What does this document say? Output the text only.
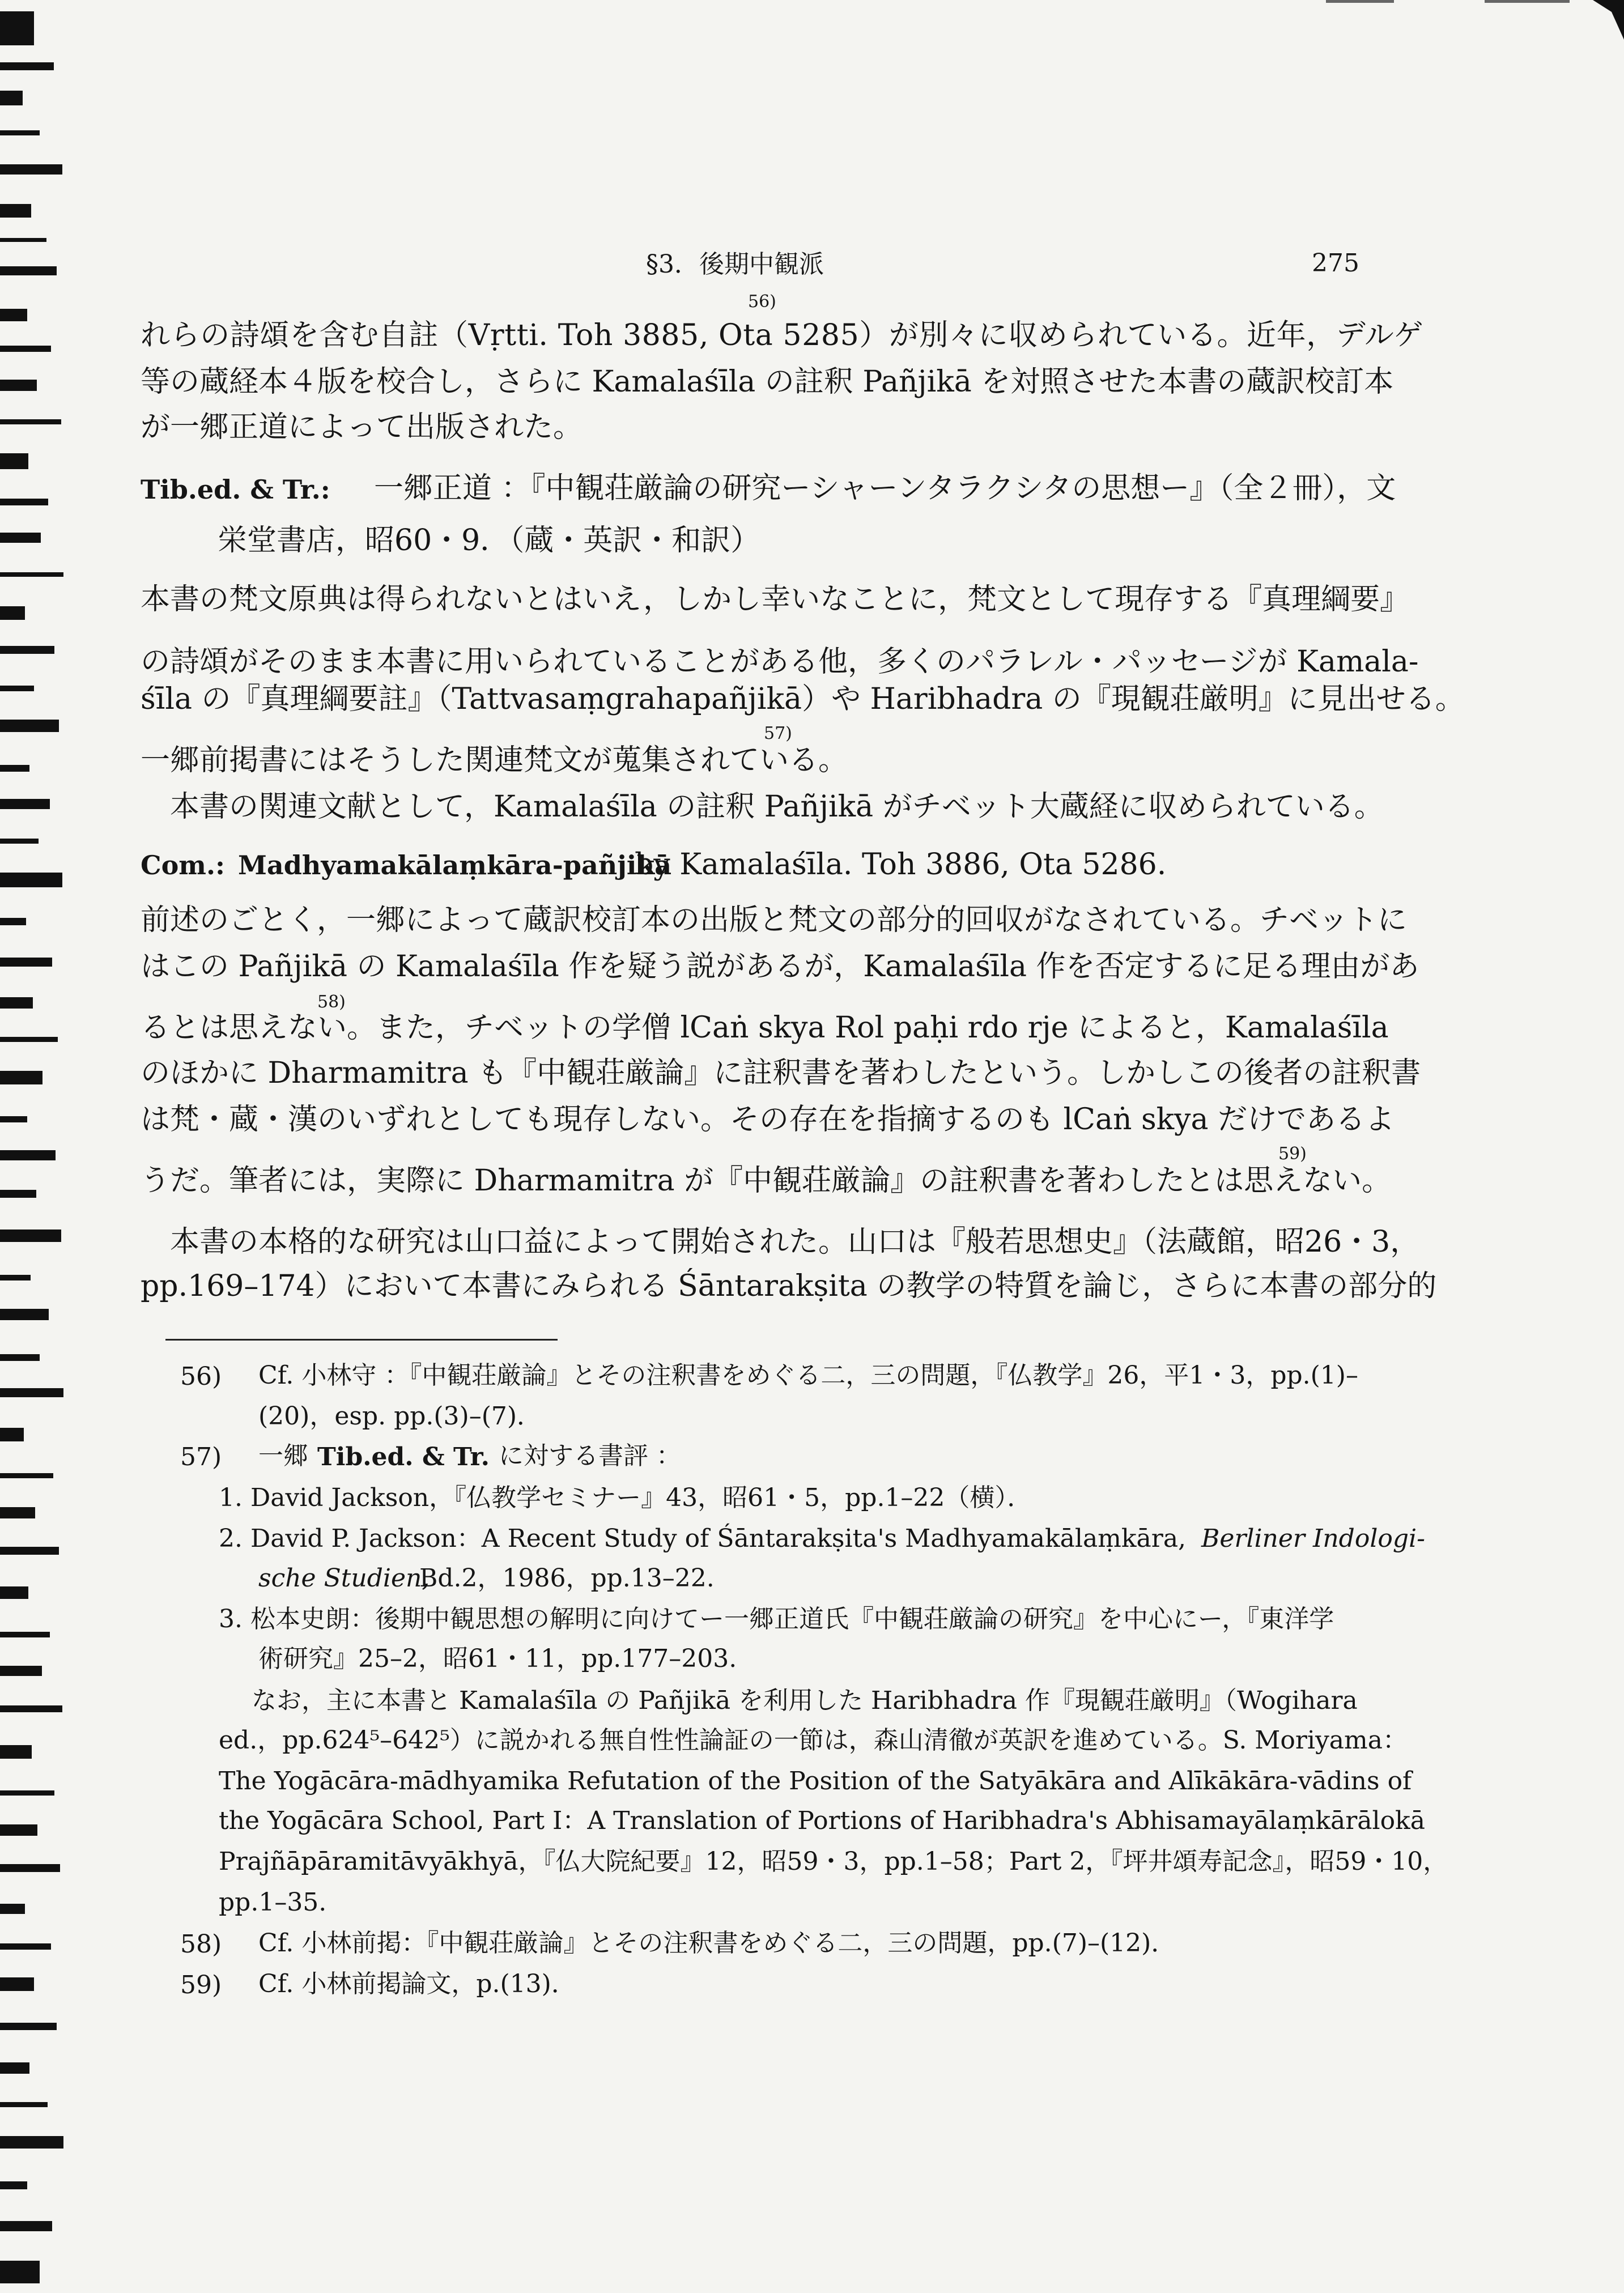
§3．後期中観派	275
56)
れらの詩頌を含む自註（Vṛtti. Toh 3885, Ota 5285）が別々に収められている。近年，デルゲ
等の蔵経本４版を校合し，さらに Kamalaśīla の註釈 Pañjikā を対照させた本書の蔵訳校訂本
が一郷正道によって出版された。
Tib.ed. & Tr.: 一郷正道 ：『中観荘厳論の研究ーシャーンタラクシタの思想ー』（全２冊），文
栄堂書店，昭60・9．（蔵・英訳・和訳）
本書の梵文原典は得られないとはいえ，しかし幸いなことに，梵文として現存する『真理綱要』
の詩頌がそのまま本書に用いられていることがある他，多くのパラレル・パッセージが Kamala-
śīla の『真理綱要註』（Tattvasaṃgrahapañjikā）や Haribhadra の『現観荘厳明』に見出せる。
57)
一郷前掲書にはそうした関連梵文が蒐集されている。
本書の関連文献として，Kamalaśīla の註釈 Pañjikā がチベット大蔵経に収められている。
Com.: Madhyamakālaṃkāra-pañjikā
by Kamalaśīla. Toh 3886, Ota 5286.
前述のごとく，一郷によって蔵訳校訂本の出版と梵文の部分的回収がなされている。チベットに
はこの Pañjikā の Kamalaśīla 作を疑う説があるが，Kamalaśīla 作を否定するに足る理由があ
58)
るとは思えない。また，チベットの学僧 lCaṅ skya Rol paḥi rdo rje によると，Kamalaśīla
のほかに Dharmamitra も『中観荘厳論』に註釈書を著わしたという。しかしこの後者の註釈書
は梵・蔵・漢のいずれとしても現存しない。その存在を指摘するのも lCaṅ skya だけであるよ
59)
うだ。筆者には，実際に Dharmamitra が『中観荘厳論』の註釈書を著わしたとは思えない。
本書の本格的な研究は山口益によって開始された。山口は『般若思想史』（法蔵館，昭26・3，
pp.169–174）において本書にみられる Śāntarakṣita の教学の特質を論じ，さらに本書の部分的
56) Cf. 小林守 ：『中観荘厳論』とその注釈書をめぐる二，三の問題，『仏教学』26，平1・3，pp.(1)–
(20)，esp. pp.(3)–(7)．
57) 一郷 Tib.ed. & Tr. に対する書評 ：
1. David Jackson，『仏教学セミナー』43，昭61・5，pp.1–22（横）．
2. David P. Jackson：A Recent Study of Śāntarakṣita's Madhyamakālaṃkāra, Berliner Indologi-
sche Studien,
Bd.2，1986，pp.13–22.
3. 松本史朗：後期中観思想の解明に向けてー一郷正道氏『中観荘厳論の研究』を中心にー，『東洋学
術研究』25–2，昭61・11，pp.177–203.
なお，主に本書と Kamalaśīla の Pañjikā を利用した Haribhadra 作『現観荘厳明』（Wogihara
ed.，pp.624⁵–642⁵）に説かれる無自性性論証の一節は，森山清徹が英訳を進めている。S. Moriyama：
The Yogācāra-mādhyamika Refutation of the Position of the Satyākāra and Alīkākāra-vādins of
the Yogācāra School, Part Ⅰ：A Translation of Portions of Haribhadra's Abhisamayālaṃkārālokā
Prajñāpāramitāvyākhyā，『仏大院紀要』12，昭59・3，pp.1–58；Part 2，『坪井頌寿記念』，昭59・10，
pp.1–35.
58) Cf. 小林前掲：『中観荘厳論』とその注釈書をめぐる二，三の問題，pp.(7)–(12)．
59) Cf. 小林前掲論文，p.(13)．
